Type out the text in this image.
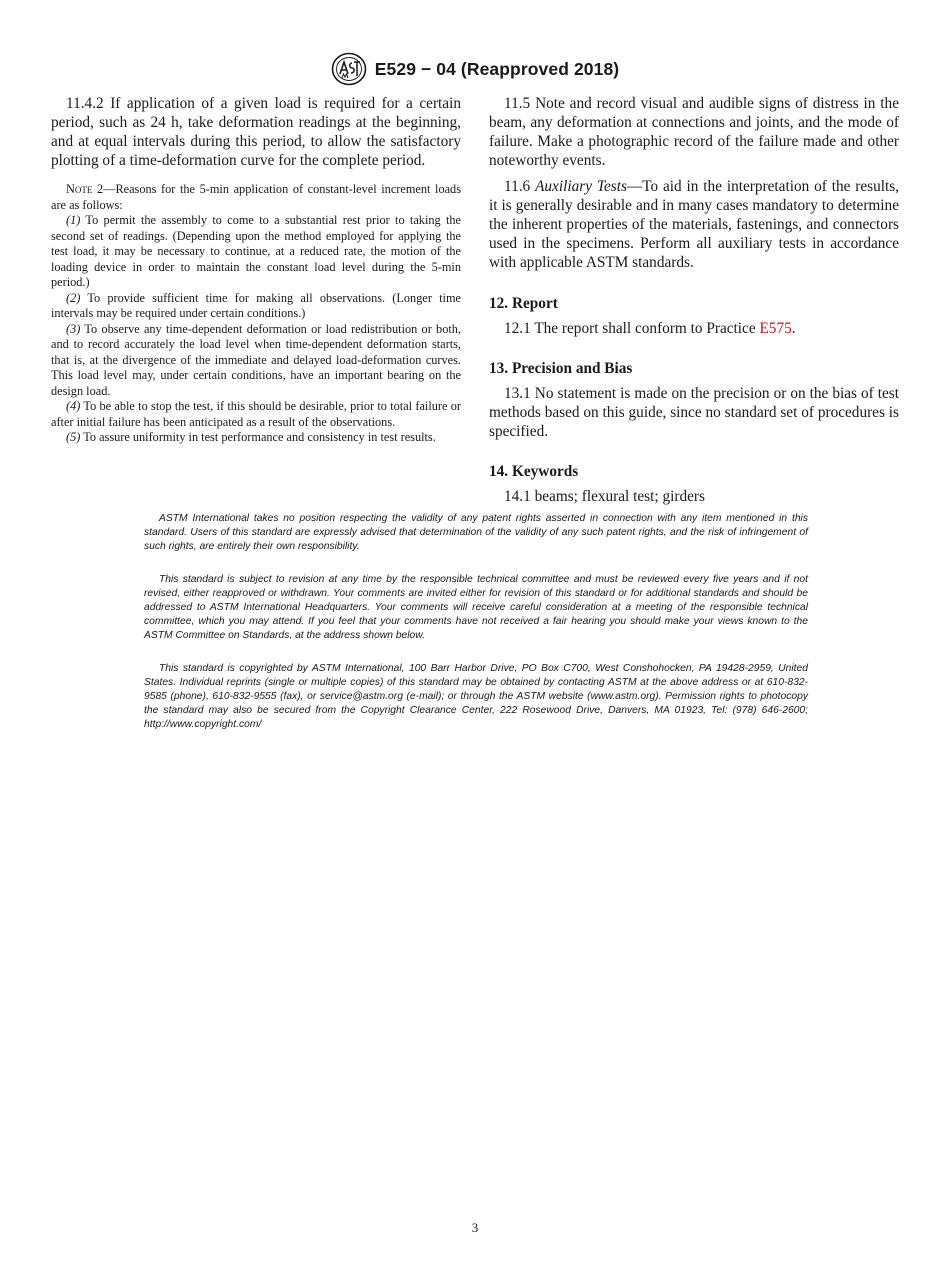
E529 − 04 (Reapproved 2018)

11.4.2 If application of a given load is required for a certain period, such as 24 h, take deformation readings at the beginning, and at equal intervals during this period, to allow the satisfactory plotting of a time-deformation curve for the complete period.

Note 2—Reasons for the 5-min application of constant-level increment loads are as follows:

(1) To permit the assembly to come to a substantial rest prior to taking the second set of readings. (Depending upon the method employed for applying the test load, it may be necessary to continue, at a reduced rate, the motion of the loading device in order to maintain the constant load level during the 5-min period.)

(2) To provide sufficient time for making all observations. (Longer time intervals may be required under certain conditions.)

(3) To observe any time-dependent deformation or load redistribution or both, and to record accurately the load level when time-dependent deformation starts, that is, at the divergence of the immediate and delayed load-deformation curves. This load level may, under certain conditions, have an important bearing on the design load.

(4) To be able to stop the test, if this should be desirable, prior to total failure or after initial failure has been anticipated as a result of the observations.

(5) To assure uniformity in test performance and consistency in test results.

11.5 Note and record visual and audible signs of distress in the beam, any deformation at connections and joints, and the mode of failure. Make a photographic record of the failure made and other noteworthy events.

11.6 Auxiliary Tests—To aid in the interpretation of the results, it is generally desirable and in many cases mandatory to determine the inherent properties of the materials, fastenings, and connectors used in the specimens. Perform all auxiliary tests in accordance with applicable ASTM standards.

12. Report

12.1 The report shall conform to Practice E575.

13. Precision and Bias

13.1 No statement is made on the precision or on the bias of test methods based on this guide, since no standard set of procedures is specified.

14. Keywords

14.1 beams; flexural test; girders

ASTM International takes no position respecting the validity of any patent rights asserted in connection with any item mentioned in this standard. Users of this standard are expressly advised that determination of the validity of any such patent rights, and the risk of infringement of such rights, are entirely their own responsibility.

This standard is subject to revision at any time by the responsible technical committee and must be reviewed every five years and if not revised, either reapproved or withdrawn. Your comments are invited either for revision of this standard or for additional standards and should be addressed to ASTM International Headquarters. Your comments will receive careful consideration at a meeting of the responsible technical committee, which you may attend. If you feel that your comments have not received a fair hearing you should make your views known to the ASTM Committee on Standards, at the address shown below.

This standard is copyrighted by ASTM International, 100 Barr Harbor Drive, PO Box C700, West Conshohocken, PA 19428-2959, United States. Individual reprints (single or multiple copies) of this standard may be obtained by contacting ASTM at the above address or at 610-832-9585 (phone), 610-832-9555 (fax), or service@astm.org (e-mail); or through the ASTM website (www.astm.org). Permission rights to photocopy the standard may also be secured from the Copyright Clearance Center, 222 Rosewood Drive, Danvers, MA 01923, Tel: (978) 646-2600; http://www.copyright.com/

3
